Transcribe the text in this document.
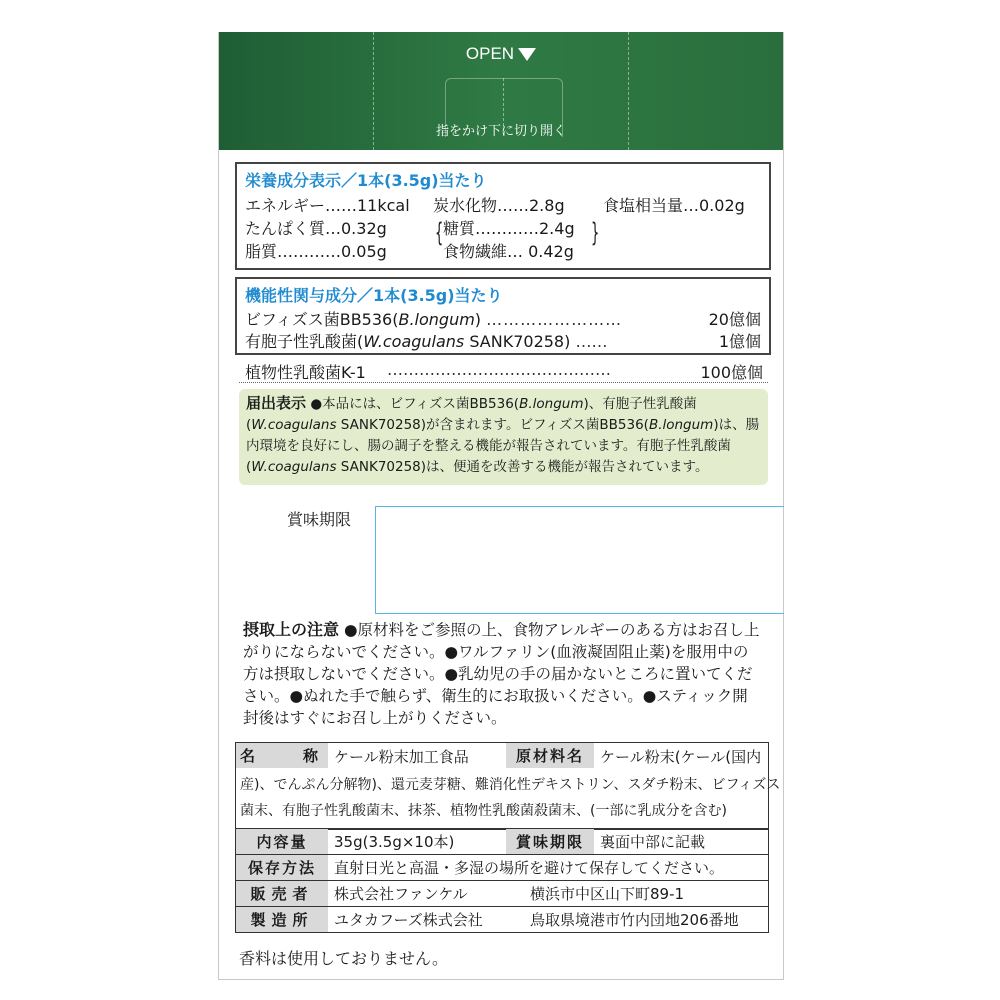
OPEN
指をかけ下に切り開く
栄養成分表示／1本(3.5g)当たり
エネルギー……11kcal 炭水化物……2.8g 食塩相当量…0.02g
たんぱく質…0.32g { 糖質…………2.4g
脂質…………0.05g	食物繊維… 0.42g
}
機能性関与成分／1本(3.5g)当たり
ビフィズス菌BB536(B.longum) ……………………	20億個
有胞子性乳酸菌(W.coagulans SANK70258) ……	1億個
植物性乳酸菌K-1 ……………………………………	100億個
届出表示 ●本品には、ビフィズス菌BB536(B.longum)、有胞子性乳酸菌(W.coagulans SANK70258)が含まれます。ビフィズス菌BB536(B.longum)は、腸内環境を良好にし、腸の調子を整える機能が報告されています。有胞子性乳酸菌(W.coagulans SANK70258)は、便通を改善する機能が報告されています。
賞味期限
摂取上の注意 ●原材料をご参照の上、食物アレルギーのある方はお召し上がりにならないでください。●ワルファリン(血液凝固阻止薬)を服用中の方は摂取しないでください。●乳幼児の手の届かないところに置いてください。●ぬれた手で触らず、衛生的にお取扱いください。●スティック開封後はすぐにお召し上がりください。
名　　称 ケール粉末加工食品	原材料名	ケール粉末(ケール(国内
産)、でんぷん分解物)、還元麦芽糖、難消化性デキストリン、スダチ粉末、ビフィズス
菌末、有胞子性乳酸菌末、抹茶、植物性乳酸菌殺菌末、(一部に乳成分を含む)
内容量	35g(3.5g×10本)	賞味期限	裏面中部に記載
保存方法	直射日光と高温・多湿の場所を避けて保存してください。
販売者	株式会社ファンケル	横浜市中区山下町89-1
製造所	ユタカフーズ株式会社	鳥取県境港市竹内団地206番地
香料は使用しておりません。
